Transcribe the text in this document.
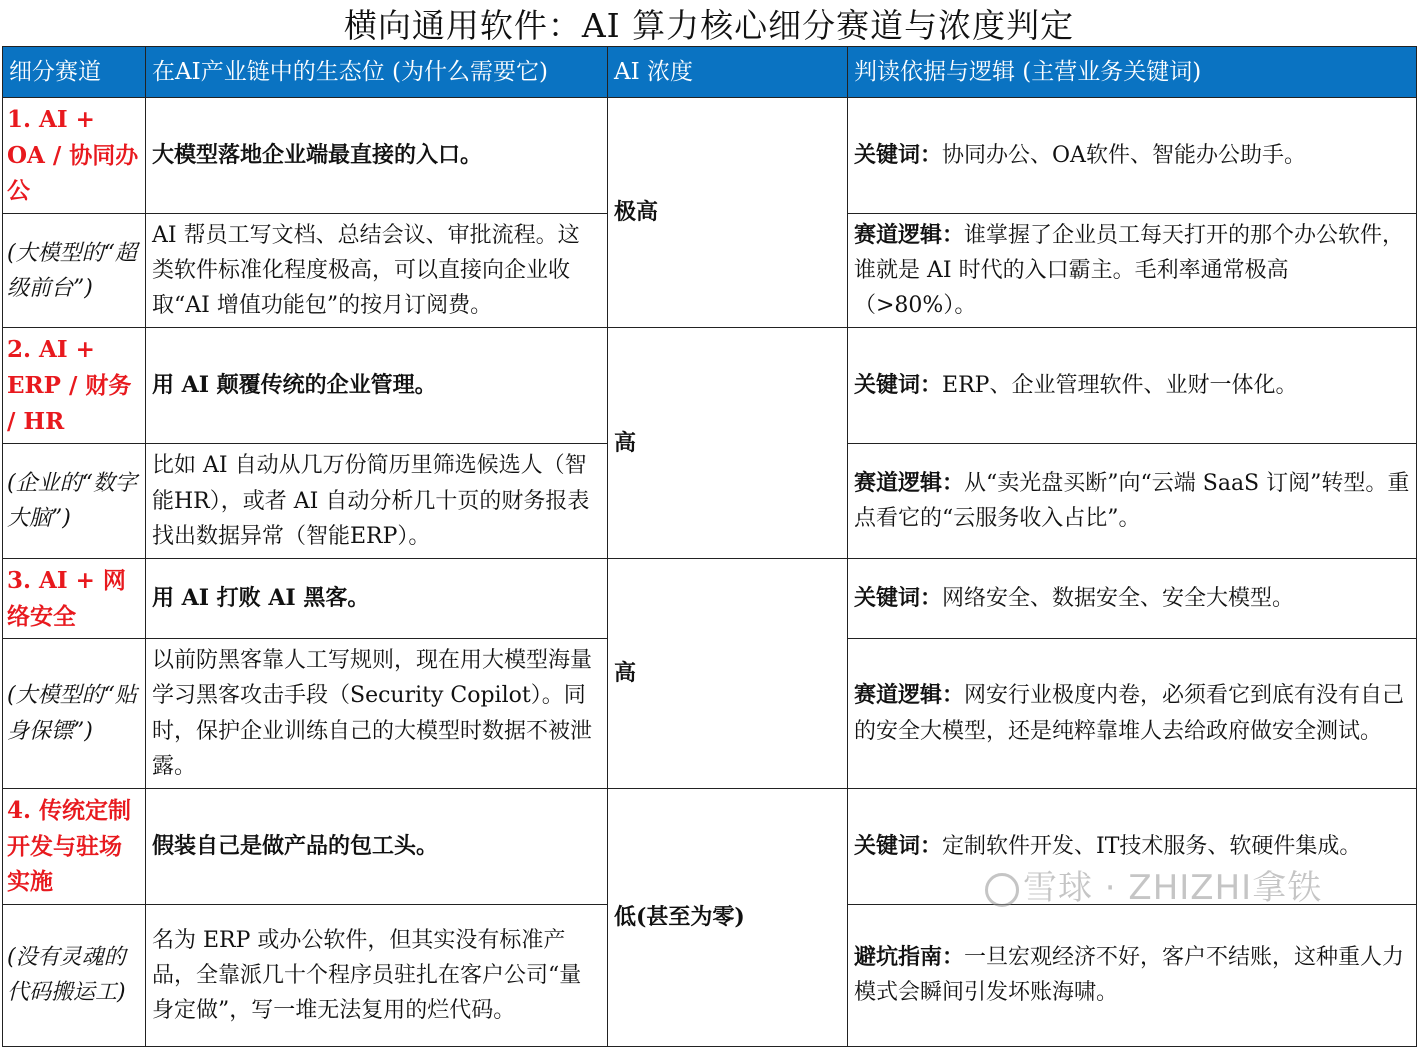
横向通用软件：AI 算力核心细分赛道与浓度判定
细分赛道	在AI产业链中的生态位 (为什么需要它)	AI 浓度	判读依据与逻辑 (主营业务关键词)
1. AI + OA / 协同办公	大模型落地企业端最直接的入口。	极高	关键词：协同办公、OA软件、智能办公助手。
(大模型的“超级前台”)	AI 帮员工写文档、总结会议、审批流程。这类软件标准化程度极高，可以直接向企业收取“AI 增值功能包”的按月订阅费。		赛道逻辑：谁掌握了企业员工每天打开的那个办公软件，谁就是 AI 时代的入口霸主。毛利率通常极高（>80%）。
2. AI + ERP / 财务 / HR	用 AI 颠覆传统的企业管理。	高	关键词：ERP、企业管理软件、业财一体化。
(企业的“数字大脑”)	比如 AI 自动从几万份简历里筛选候选人（智能HR），或者 AI 自动分析几十页的财务报表找出数据异常（智能ERP）。		赛道逻辑：从“卖光盘买断”向“云端 SaaS 订阅”转型。重点看它的“云服务收入占比”。
3. AI + 网络安全	用 AI 打败 AI 黑客。	高	关键词：网络安全、数据安全、安全大模型。
(大模型的“贴身保镖”)	以前防黑客靠人工写规则，现在用大模型海量学习黑客攻击手段（Security Copilot）。同时，保护企业训练自己的大模型时数据不被泄露。		赛道逻辑：网安行业极度内卷，必须看它到底有没有自己的安全大模型，还是纯粹靠堆人去给政府做安全测试。
4. 传统定制开发与驻场实施	假装自己是做产品的包工头。	低(甚至为零)	关键词：定制软件开发、IT技术服务、软硬件集成。
(没有灵魂的代码搬运工)	名为 ERP 或办公软件，但其实没有标准产品，全靠派几十个程序员驻扎在客户公司“量身定做”，写一堆无法复用的烂代码。		避坑指南：一旦宏观经济不好，客户不结账，这种重人力模式会瞬间引发坏账海啸。
雪球 · ZHIZHI拿铁
